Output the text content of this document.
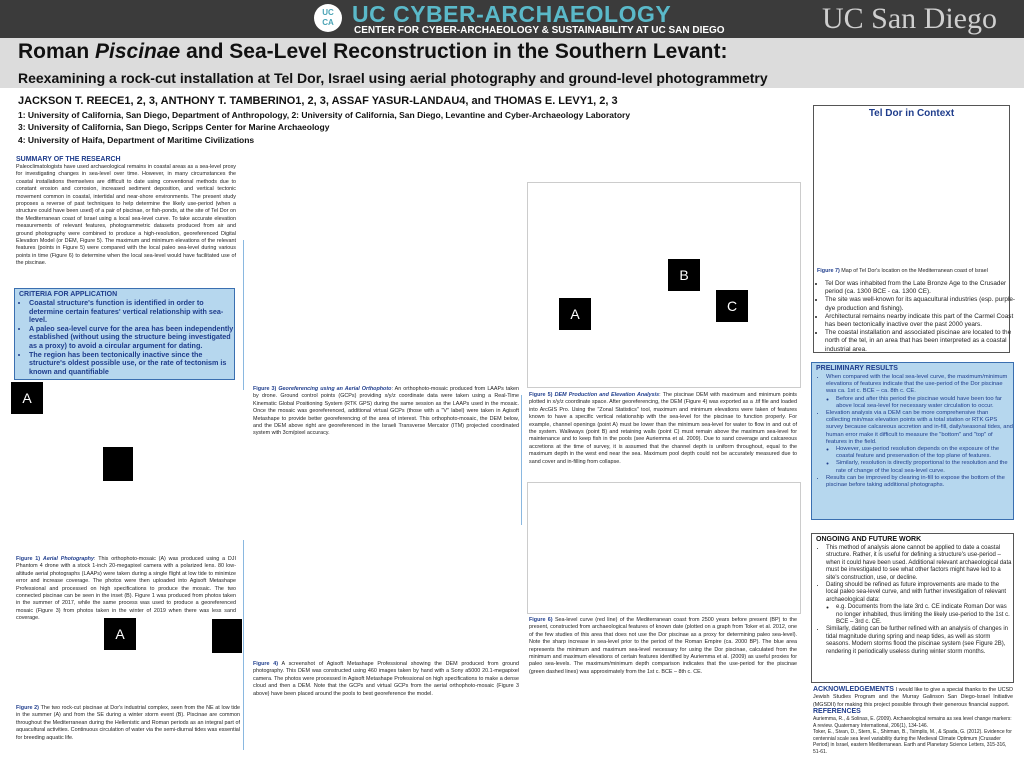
UC CA UC CYBER-ARCHAEOLOGY
CENTER FOR CYBER-ARCHAEOLOGY & SUSTAINABILITY AT UC SAN DIEGO	UC San Diego
Roman Piscinae and Sea-Level Reconstruction in the Southern Levant:
Reexamining a rock-cut installation at Tel Dor, Israel using aerial photography and ground-level photogrammetry
JACKSON T. REECE1, 2, 3, ANTHONY T. TAMBERINO1, 2, 3, ASSAF YASUR-LANDAU4, and THOMAS E. LEVY1, 2, 3
1: University of California, San Diego, Department of Anthropology, 2: University of California, San Diego, Levantine and Cyber-Archaeology Laboratory
3: University of California, San Diego, Scripps Center for Marine Archaeology
4: University of Haifa, Department of Maritime Civilizations
SUMMARY OF THE RESEARCH
Paleoclimatologists have used archaeological remains in coastal areas as a sea-level proxy for investigating changes in sea-level over time. However, in many circumstances the coastal installations themselves are difficult to date using conventional methods due to constant erosion and corrosion, increased sediment deposition, and vertical tectonic movement common in coastal, intertidal and near-shore environments. The present study proposes a reverse of past techniques to help determine the likely use-period (when a structure could have been used) of a pair of piscinae, or fish-ponds, at the site of Tel Dor on the Mediterranean coast of Israel using a local sea-level curve. To take accurate elevation measurements of relevant features, photogrammetric datasets produced from air and ground photography were combined to produce a high-resolution, georeferenced Digital Elevation Model (or DEM, Figure 5). The maximum and minimum elevations of the relevant features (points in Figure 5) were compared with the local paleo sea-level during various points in time (Figure 6) to determine when the local sea-level would have facilitated use of the piscinae.
CRITERIA FOR APPLICATION
• Coastal structure's function is identified in order to determine certain features' vertical relationship with sea-level.
• A paleo sea-level curve for the area has been independently established (without using the structure being investigated as a proxy) to avoid a circular argument for dating.
• The region has been tectonically inactive since the structure's oldest possible use, or the rate of tectonism is known and quantifiable
A
Figure 1) Aerial Photography: This orthophoto-mosaic (A) was produced using a DJI Phantom 4 drone with a stock 1-inch 20-megapixel camera with a polarized lens. 80 low-altitude aerial photographs (LAAPs) were taken during a single flight at low tide to minimize error and increase coverage. The photos were then uploaded into Agisoft Metashape Professional and processed on high specifications to produce the mosaic. The two connected piscinae can be seen in the inset (B). Figure 1 was produced from photos taken in the summer of 2017, while the same process was used to produce a georeferenced mosaic (Figure 3) from photos taken in the winter of 2019 when there was less sand coverage.
A
Figure 2) The two rock-cut piscinae at Dor's industrial complex, seen from the NE at low tide in the summer (A) and from the SE during a winter storm event (B). Piscinae are common throughout the Mediterranean during the Hellenistic and Roman periods as an integral part of aquacultural activities. Continuous circulation of water via the semi-diurnal tides was essential for breeding aquatic life.
Figure 3) Georeferencing using an Aerial Orthophoto: An orthophoto-mosaic produced from LAAPs taken by drone. Ground control points (GCPs) providing x/y/z coordinate data were taken using a Real-Time Kinematic Global Positioning System (RTK GPS) during the same session as the LAAPs used in the mosaic. Once the mosaic was georeferenced, additional virtual GCPs (those with a "V" label) were taken in Agisoft Metashape to provide better georeferencing of the area of interest. This orthophoto-mosaic, the DEM below, and the DEM above right are georeferenced in the Israeli Transverse Mercator (ITM) projected coordinated system with 3cm/pixel accuracy.
Figure 4) A screenshot of Agisoft Metashape Professional showing the DEM produced from ground photography. This DEM was constructed using 460 images taken by hand with a Sony a5000 20.1-megapixel camera. The photos were processed in Agisoft Metashape Professional on high specifications to make a dense cloud and then a DEM. Note that the GCPs and virtual GCPs from the aerial orthophoto-mosaic (Figure 3 above) have been placed around the pools to best georeference the model.
B
C
A
Figure 5) DEM Production and Elevation Analysis: The piscinae DEM with maximum and minimum points plotted in x/y/z coordinate space. After georeferencing, the DEM (Figure 4) was exported as a .tif file and loaded into ArcGIS Pro. Using the "Zonal Statistics" tool, maximum and minimum elevations were taken of features known to have a specific vertical relationship with the sea-level for the piscinae to function properly. For example, channel openings (point A) must be lower than the minimum sea-level for water to flow in and out of the system. Walkways (point B) and retaining walls (point C) must remain above the maximum sea-level for maintenance and to keep fish in the pools (see Auriemma et al. 2009). Due to sand coverage and calcareous accretions at the time of survey, it is assumed that the channel depth is uniform throughout, equal to the maximum depth in the west end near the sea. Maximum pool depth could not be accurately measured due to sand cover and in-filling from collapse.
Figure 6) Sea-level curve (red line) of the Mediterranean coast from 2500 years before present (BP) to the present, constructed from archaeological features of known date (plotted on a graph from Toker et al. 2012, one of the few studies of this area that does not use the Dor piscinae as a proxy for determining paleo sea-level). Note the sharp increase in sea-level prior to the period of the Roman Empire (ca. 2000 BP). The blue area represents the minimum and maximum sea-level necessary for using the Dor piscinae, calculated from the minimum and maximum elevations of certain features identified by Auriemma et al. (2009) as useful proxies for paleo sea-levels. The maximum/minimum depth comparison indicates that the use-period for the piscinae (green dashed lines) was approximately from the 1st c. BCE – 8th c. CE.
Tel Dor in Context
Figure 7) Map of Tel Dor's location on the Mediterranean coast of Israel
• Tel Dor was inhabited from the Late Bronze Age to the Crusader period (ca. 1300 BCE - ca. 1300 CE).
• The site was well-known for its aquacultural industries (esp. purple-dye production and fishing).
• Architectural remains nearby indicate this part of the Carmel Coast has been tectonically inactive over the past 2000 years.
• The coastal installation and associated piscinae are located to the north of the tel, in an area that has been interpreted as a coastal industrial area.
PRELIMINARY RESULTS
• When compared with the local sea-level curve, the maximum/minimum elevations of features indicate that the use-period of the Dor piscinae was ca. 1st c. BCE – ca. 8th c. CE.
◦ Before and after this period the piscinae would have been too far above local sea-level for necessary water circulation to occur.
• Elevation analysis via a DEM can be more comprehensive than collecting min/max elevation points with a total station or RTK GPS survey because calcareous accretion and in-fill, daily/seasonal tides, and human error make it difficult to measure the "bottom" and "top" of features in the field.
◦ However, use-period resolution depends on the exposure of the coastal feature and preservation of the top plane of features.
◦ Similarly, resolution is directly proportional to the resolution and the rate of change of the local sea-level curve.
• Results can be improved by clearing in-fill to expose the bottom of the piscinae before taking additional photographs.
ONGOING AND FUTURE WORK
• This method of analysis alone cannot be applied to date a coastal structure. Rather, it is useful for defining a structure's use-period – when it could have been used. Additional relevant archaeological data must be investigated to see what other factors might have led to a site's construction, use, or decline.
• Dating should be refined as future improvements are made to the local paleo sea-level curve, and with further investigation of relevant archaeological data:
◦ e.g. Documents from the late 3rd c. CE indicate Roman Dor was no longer inhabited, thus limiting the likely use-period to the 1st c. BCE – 3rd c. CE.
• Similarly, dating can be further refined with an analysis of changes in tidal magnitude during spring and neap tides, as well as storm seasons. Modern storms flood the piscinae system (see Figure 2B), rendering it periodically useless during winter storm months.
ACKNOWLEDGEMENTS I would like to give a special thanks to the UCSD Jewish Studies Program and the Murray Galinson San Diego-Israel Initiative (MGSDII) for making this project possible through their generous financial support.
REFERENCES
Auriemma, R., & Solinas, E. (2009). Archaeological remains as sea level change markers: A review. Quaternary International, 206(1), 134-146.
Toker, E., Sivan, D., Stern, E., Shirman, B., Tsimplis, M., & Spada, G. (2012). Evidence for centennial scale sea level variability during the Medieval Climate Optimum (Crusader Period) in Israel, eastern Mediterranean. Earth and Planetary Science Letters, 315-316, 51-61.
